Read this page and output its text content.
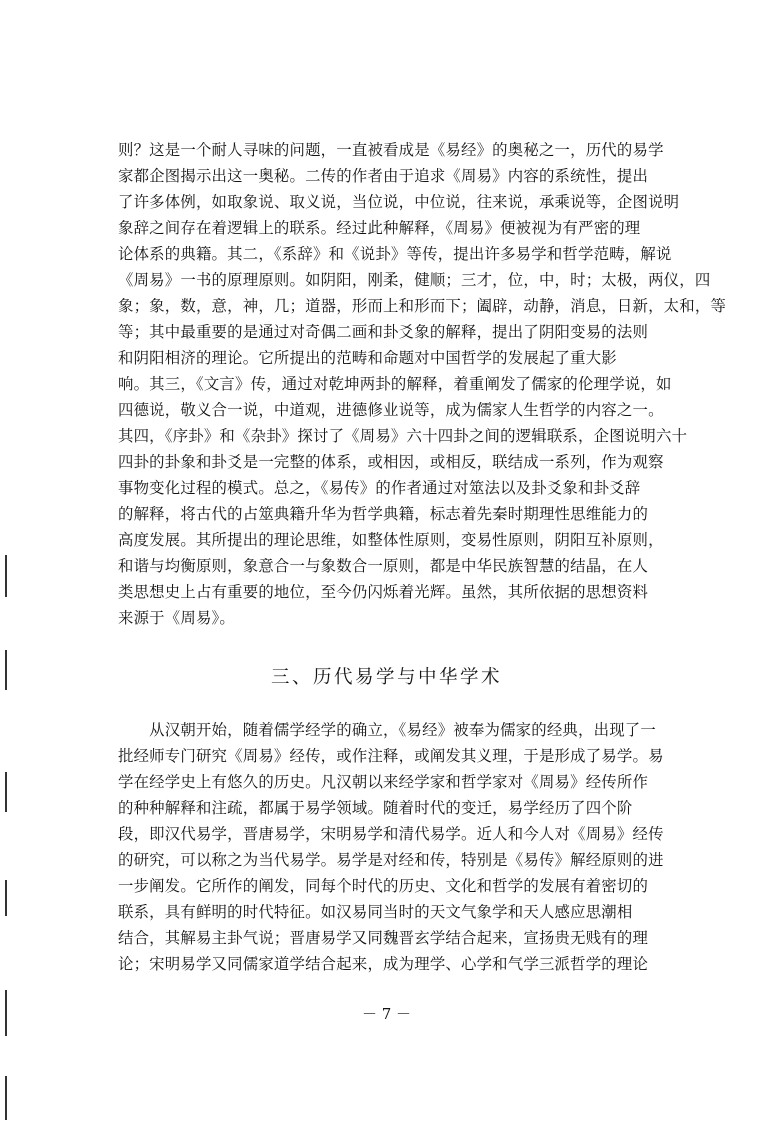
则？这是一个耐人寻味的问题，一直被看成是《易经》的奥秘之一，历代的易学
家都企图揭示出这一奥秘。二传的作者由于追求《周易》内容的系统性，提出
了许多体例，如取象说、取义说，当位说，中位说，往来说，承乘说等，企图说明
象辞之间存在着逻辑上的联系。经过此种解释，《周易》便被视为有严密的理
论体系的典籍。其二，《系辞》和《说卦》等传，提出许多易学和哲学范畴，解说
《周易》一书的原理原则。如阴阳，刚柔，健顺；三才，位，中，时；太极，两仪，四
象；象，数，意，神，几；道器，形而上和形而下；阖辟，动静，消息，日新，太和，等
等；其中最重要的是通过对奇偶二画和卦爻象的解释，提出了阴阳变易的法则
和阴阳相济的理论。它所提出的范畴和命题对中国哲学的发展起了重大影
响。其三，《文言》传，通过对乾坤两卦的解释，着重阐发了儒家的伦理学说，如
四德说，敬义合一说，中道观，进德修业说等，成为儒家人生哲学的内容之一。
其四，《序卦》和《杂卦》探讨了《周易》六十四卦之间的逻辑联系，企图说明六十
四卦的卦象和卦爻是一完整的体系，或相因，或相反，联结成一系列，作为观察
事物变化过程的模式。总之，《易传》的作者通过对筮法以及卦爻象和卦爻辞
的解释，将古代的占筮典籍升华为哲学典籍，标志着先秦时期理性思维能力的
高度发展。其所提出的理论思维，如整体性原则，变易性原则，阴阳互补原则，
和谐与均衡原则，象意合一与象数合一原则，都是中华民族智慧的结晶，在人
类思想史上占有重要的地位，至今仍闪烁着光辉。虽然，其所依据的思想资料
来源于《周易》。
三、历代易学与中华学术
　　从汉朝开始，随着儒学经学的确立，《易经》被奉为儒家的经典，出现了一
批经师专门研究《周易》经传，或作注释，或阐发其义理，于是形成了易学。易
学在经学史上有悠久的历史。凡汉朝以来经学家和哲学家对《周易》经传所作
的种种解释和注疏，都属于易学领域。随着时代的变迁，易学经历了四个阶
段，即汉代易学，晋唐易学，宋明易学和清代易学。近人和今人对《周易》经传
的研究，可以称之为当代易学。易学是对经和传，特别是《易传》解经原则的进
一步阐发。它所作的阐发，同每个时代的历史、文化和哲学的发展有着密切的
联系，具有鲜明的时代特征。如汉易同当时的天文气象学和天人感应思潮相
结合，其解易主卦气说；晋唐易学又同魏晋玄学结合起来，宣扬贵无贱有的理
论；宋明易学又同儒家道学结合起来，成为理学、心学和气学三派哲学的理论
－ 7 －
